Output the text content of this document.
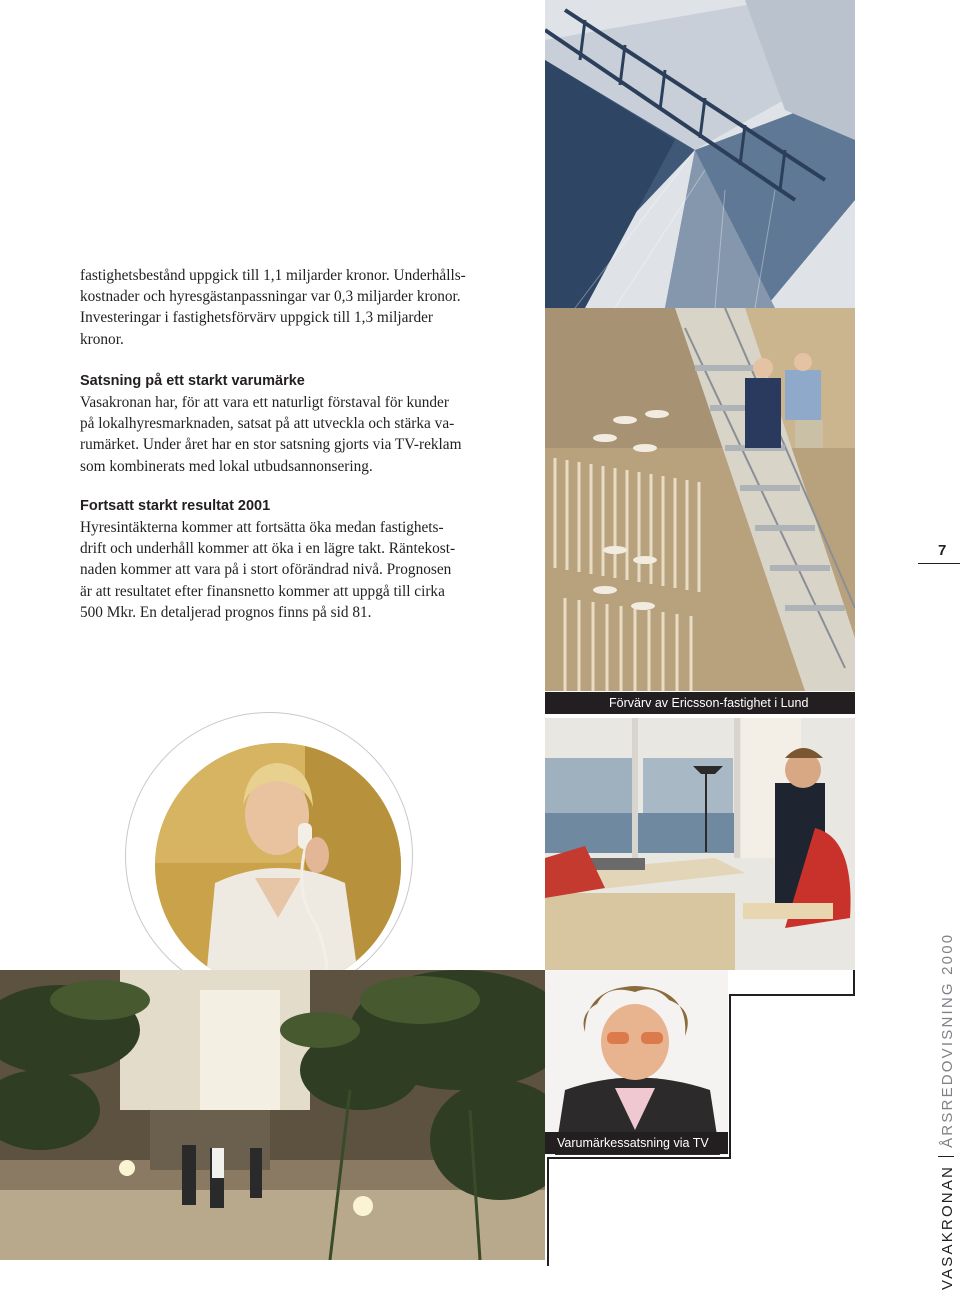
fastighetsbestånd uppgick till 1,1 miljarder kronor. Underhålls-

kostnader och hyresgästanpassningar var 0,3 miljarder kronor.

Investeringar i fastighetsförvärv uppgick till 1,3 miljarder

kronor.

Satsning på ett starkt varumärke

Vasakronan har, för att vara ett naturligt förstaval för kunder

på lokalhyresmarknaden, satsat på att utveckla och stärka va-

rumärket. Under året har en stor satsning gjorts via TV-reklam

som kombinerats med lokal utbudsannonsering.

Fortsatt starkt resultat 2001

Hyresintäkterna kommer att fortsätta öka medan fastighets-

drift och underhåll kommer att öka i en lägre takt. Räntekost-

naden kommer att vara på i stort oförändrad nivå. Prognosen

är att resultatet efter finansnetto kommer att uppgå till cirka

500 Mkr. En detaljerad prognos finns på sid 81.

7
Förvärv av Ericsson-fastighet i Lund
Varumärkessatsning via TV
VASAKRONANÅRSREDOVISNING 2000
